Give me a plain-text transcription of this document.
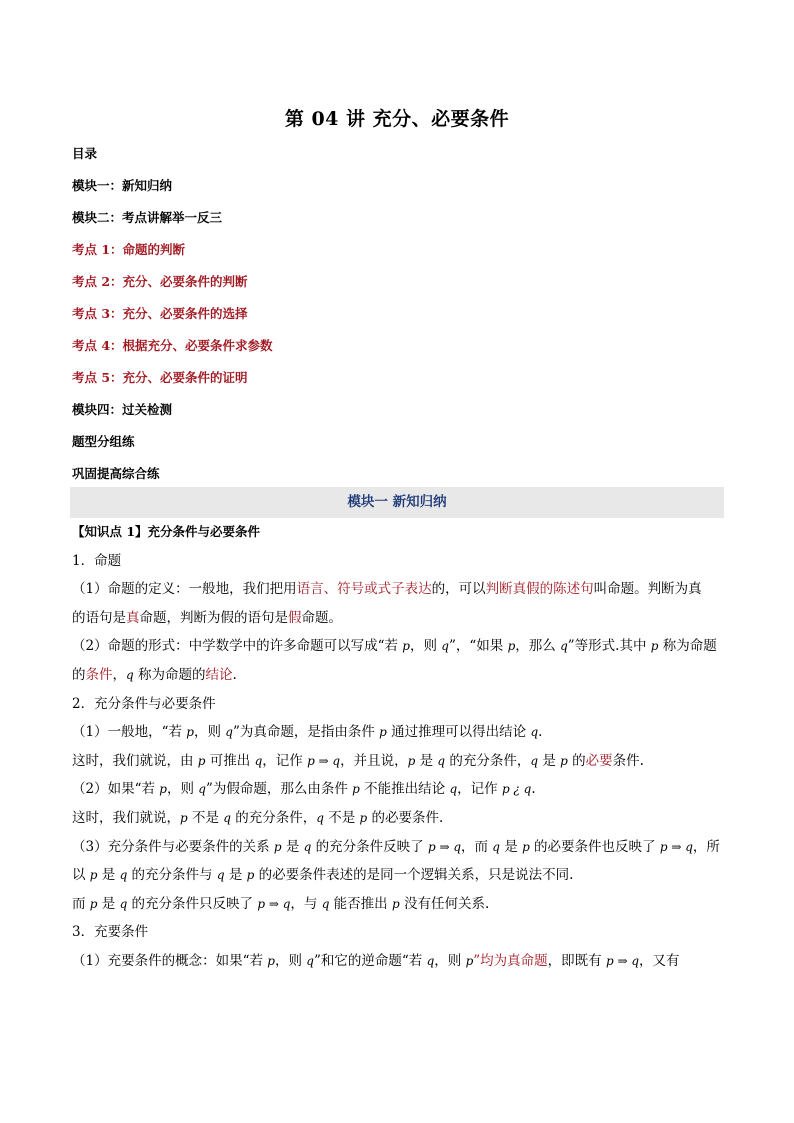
第 04 讲 充分、必要条件
目录
模块一：新知归纳
模块二：考点讲解举一反三
考点 1：命题的判断
考点 2：充分、必要条件的判断
考点 3：充分、必要条件的选择
考点 4：根据充分、必要条件求参数
考点 5：充分、必要条件的证明
模块四：过关检测
题型分组练
巩固提高综合练
模块一 新知归纳
【知识点 1】充分条件与必要条件
1．命题
（1）命题的定义：一般地，我们把用语言、符号或式子表达的，可以判断真假的陈述句叫命题。判断为真
的语句是真命题，判断为假的语句是假命题。
（2）命题的形式：中学数学中的许多命题可以写成“若 p，则 q”，“如果 p，那么 q”等形式.其中 p 称为命题
的条件，q 称为命题的结论.
2．充分条件与必要条件
（1）一般地，“若 p，则 q”为真命题，是指由条件 p 通过推理可以得出结论 q.
这时，我们就说，由 p 可推出 q，记作 p ⇒ q，并且说，p 是 q 的充分条件，q 是 p 的必要条件.
（2）如果“若 p，则 q”为假命题，那么由条件 p 不能推出结论 q，记作 p ¿ q.
这时，我们就说，p 不是 q 的充分条件，q 不是 p 的必要条件.
（3）充分条件与必要条件的关系 p 是 q 的充分条件反映了 p ⇒ q，而 q 是 p 的必要条件也反映了 p ⇒ q，所
以 p 是 q 的充分条件与 q 是 p 的必要条件表述的是同一个逻辑关系，只是说法不同.
而 p 是 q 的充分条件只反映了 p ⇒ q，与 q 能否推出 p 没有任何关系.
3．充要条件
（1）充要条件的概念：如果“若 p，则 q”和它的逆命题“若 q，则 p”均为真命题，即既有 p ⇒ q，又有
